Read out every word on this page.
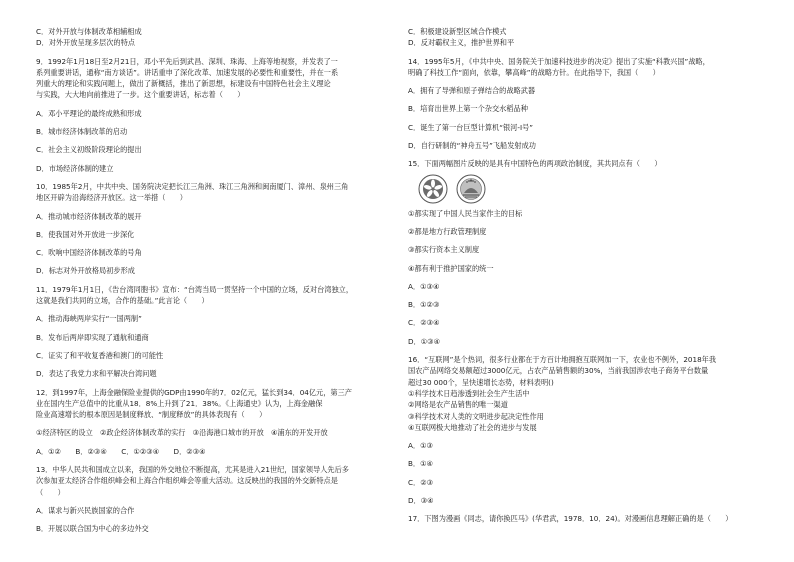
C．对外开放与体制改革相辅相成
D．对外开放呈现多层次的特点
9．1992年1月18日至2月21日，邓小平先后到武昌、深圳、珠海、上海等地视察，并发表了一
系列重要讲话，通称“南方谈话”。讲话重申了深化改革、加速发展的必要性和重要性，并在一系
列重大的理论和实践问题上，做出了新概括，推出了新思想，标建设有中国特色社会主义理论
与实践，大大地向前推进了一步。这个重要讲话，标志着（　　）
A．邓小平理论的最终成熟和形成
B．城市经济体制改革的启动
C．社会主义初级阶段理论的提出
D．市场经济体制的建立
10．1985年2月，中共中央、国务院决定把长江三角洲、珠江三角洲和闽南厦门、漳州、泉州三角
地区开辟为沿海经济开放区。这一举措（　　）
A．推动城市经济体制改革的展开
B．使我国对外开放进一步深化
C．吹响中国经济体制改革的号角
D．标志对外开放格局初步形成
11．1979年1月1日，《告台湾同胞书》宣布：“台湾当局一贯坚持一个中国的立场，反对台湾独立，
这就是我们共同的立场，合作的基础。”此言论（　　）
A．推动海峡两岸实行“一国两制”
B．发布后两岸即实现了通航和通商
C．证实了和平收复香港和澳门的可能性
D．表达了我党力求和平解决台湾问题
12．到1997年，上海金融保险业提供的GDP由1990年的7．02亿元，猛长到34．04亿元，第三产
业在国内生产总值中的比重从18．8%上升到了21．38%。《上海通史》认为，上海金融保
险业高速增长的根本原因是制度释放、“制度释放”的具体表现有（　　）
①经济特区的设立　②政企经济体制改革的实行　③沿海港口城市的开放　④浦东的开发开放
A．①②　　B．②③④　　C．①②③④　　D．②③④
13．中华人民共和国成立以来，我国的外交地位不断提高，尤其是进入21世纪，国家领导人先后多
次参加亚太经济合作组织峰会和上海合作组织峰会等重大活动。这反映出的我国的外交新特点是
（　　）
A．谋求与新兴民族国家的合作
B．开展以联合国为中心的多边外交
C．积极建设新型区域合作模式
D．反对霸权主义，推护世界和平
14．1995年5月，《中共中央、国务院关于加速科技进步的决定》提出了实施“科教兴国”战略，
明确了科技工作“面向，依靠，攀高峰”的战略方针。在此指导下，我国（　　）
A．拥有了导弹和原子弹结合的战略武器
B．培育出世界上第一个杂交水稻品种
C．诞生了第一台巨型计算机“银河-Ⅰ号”
D．自行研制的“神舟五号”飞船发射成功
15．下面两幅图片反映的是具有中国特色的两项政治制度，其共同点有（　　）
①都实现了中国人民当家作主的目标
②都是地方行政管理制度
③都实行资本主义制度
④都有利于推护国家的统一
A．①③④
B．①②③
C．②③④
D．①③④
16．“互联网”是个热词，很多行业都在于方百计地拥抱互联网加一下，农业也不例外，2018年我
国农产品网络交易额超过3000亿元，占农产品销售额的30%，当前我国涉农电子商务平台数量
超过30 000个，呈快速增长态势，材料表明()
①科学技术日趋渗透到社会生产生活中
②网络是农产品销售的唯一渠道
③科学技术对人类的文明进步起决定性作用
④互联网极大地推动了社会的进步与发展
A．①③
B．①④
C．②③
D．③④
17．下图为漫画《同志，请你换匹马》(华君武，1978．10．24)。对漫画信息理解正确的是（　　）
